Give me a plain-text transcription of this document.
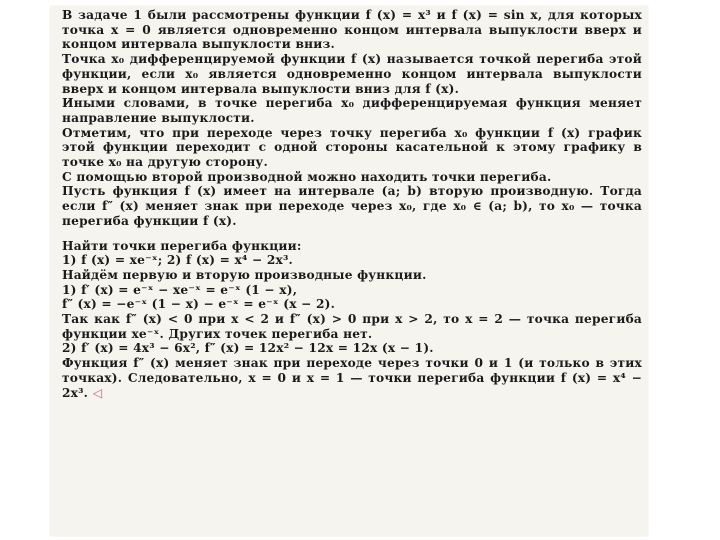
В задаче 1 были рассмотрены функции f (x) = x³ и f (x) = sin x, для которых точка x = 0 является одновременно концом интервала выпуклости вверх и концом интервала выпуклости вниз.

Точка x₀ дифференцируемой функции f (x) называется точкой перегиба этой функции, если x₀ является одновременно концом интервала выпуклости вверх и концом интервала выпуклости вниз для f (x).

Иными словами, в точке перегиба x₀ дифференцируемая функция меняет направление выпуклости.

Отметим, что при переходе через точку перегиба x₀ функции f (x) график этой функции переходит с одной стороны касательной к этому графику в точке x₀ на другую сторону.

С помощью второй производной можно находить точки перегиба.

Пусть функция f (x) имеет на интервале (a; b) вторую производную. Тогда если f″ (x) меняет знак при переходе через x₀, где x₀ ∈ (a; b), то x₀ — точка перегиба функции f (x).

Найти точки перегиба функции:

1) f (x) = xe⁻ˣ; 2) f (x) = x⁴ − 2x³.

Найдём первую и вторую производные функции.

1) f′ (x) = e⁻ˣ − xe⁻ˣ = e⁻ˣ (1 − x),

f″ (x) = −e⁻ˣ (1 − x) − e⁻ˣ = e⁻ˣ (x − 2).

Так как f″ (x) < 0 при x < 2 и f″ (x) > 0 при x > 2, то x = 2 — точка перегиба функции xe⁻ˣ. Других точек перегиба нет.

2) f′ (x) = 4x³ − 6x², f″ (x) = 12x² − 12x = 12x (x − 1).

Функция f″ (x) меняет знак при переходе через точки 0 и 1 (и только в этих точках). Следовательно, x = 0 и x = 1 — точки перегиба функции f (x) = x⁴ − 2x³. ◁
